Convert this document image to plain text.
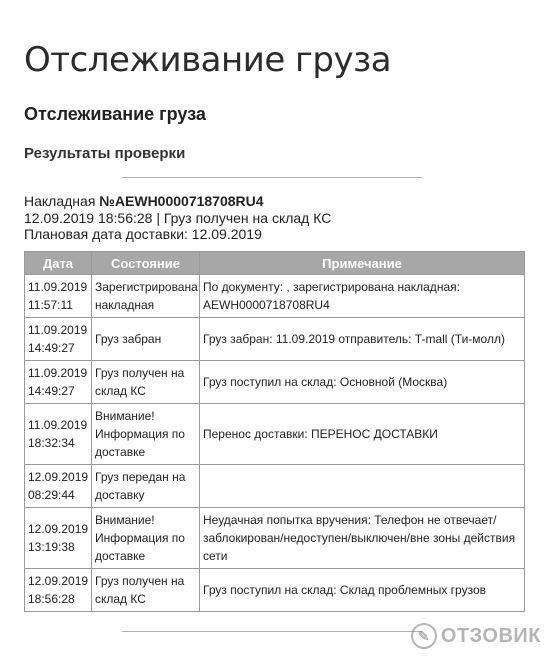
Отслеживание груза
Отслеживание груза
Результаты проверки
Накладная №AEWH0000718708RU4
12.09.2019 18:56:28 | Груз получен на склад КС
Плановая дата доставки: 12.09.2019
Дата	Состояние	Примечание
11.09.2019 11:57:11	Зарегистрирована накладная	По документу: , зарегистрирована накладная: AEWH0000718708RU4
11.09.2019 14:49:27	Груз забран	Груз забран: 11.09.2019 отправитель: T-mall (Ти-молл)
11.09.2019 14:49:27	Груз получен на склад КС	Груз поступил на склад: Основной (Москва)
11.09.2019 18:32:34	Внимание! Информация по доставке	Перенос доставки: ПЕРЕНОС ДОСТАВКИ
12.09.2019 08:29:44	Груз передан на доставку	
12.09.2019 13:19:38	Внимание! Информация по доставке	Неудачная попытка вручения: Телефон не отвечает/заблокирован/недоступен/выключен/вне зоны действия сети
12.09.2019 18:56:28	Груз получен на склад КС	Груз поступил на склад: Склад проблемных грузов
✎ ОТЗОВИК
